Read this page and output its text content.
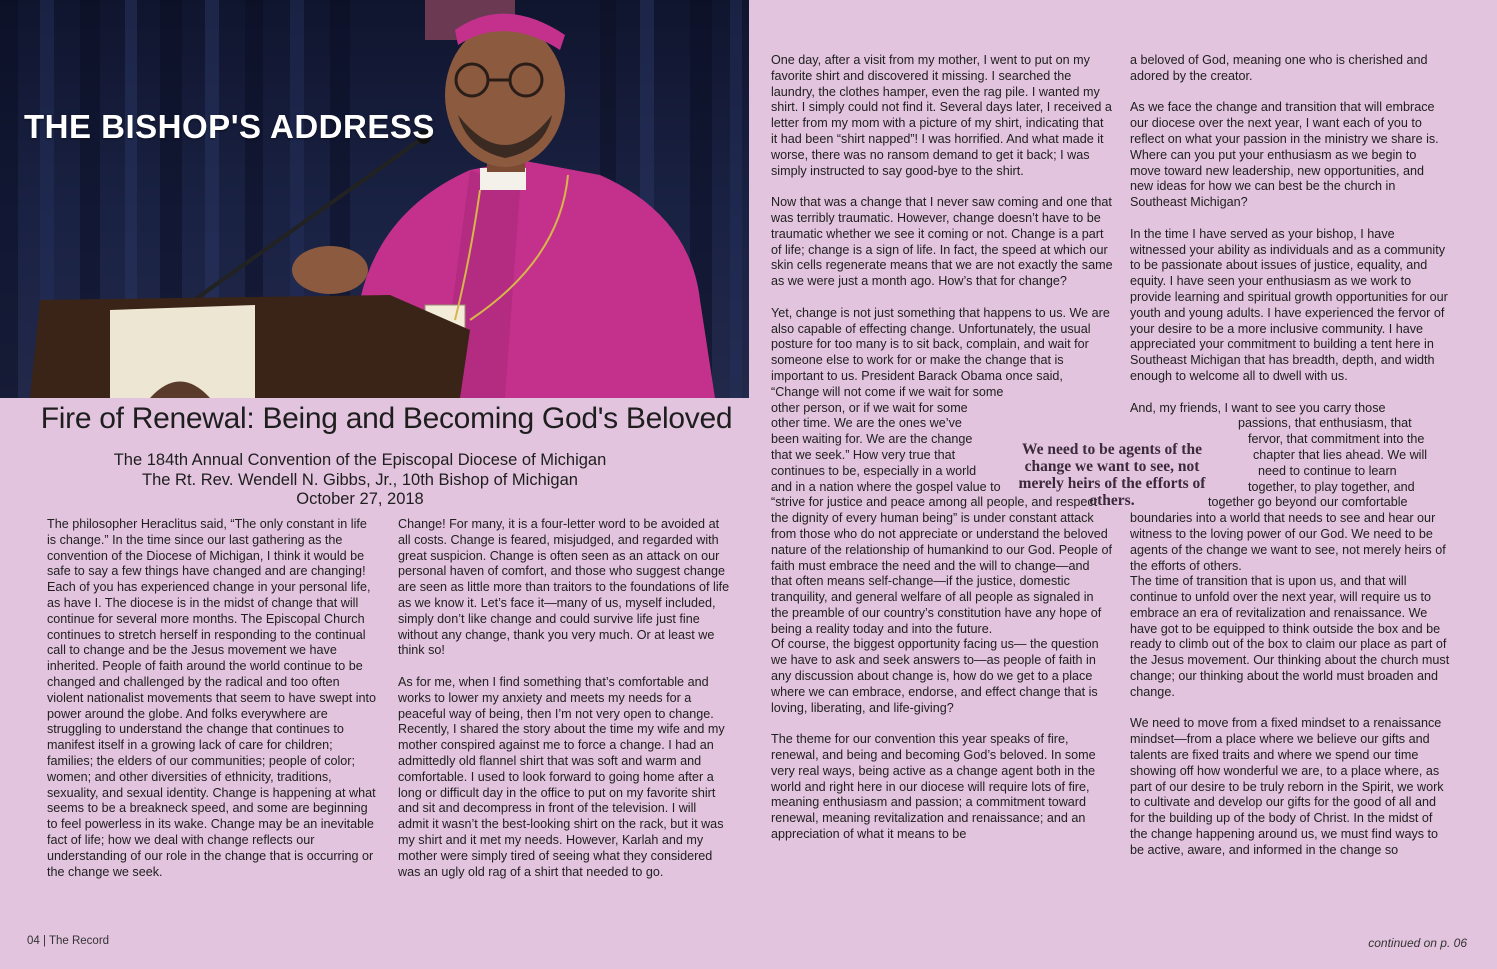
THE BISHOP'S ADDRESS
Fire of Renewal: Being and Becoming God's Beloved
The 184th Annual Convention of the Episcopal Diocese of Michigan
The Rt. Rev. Wendell N. Gibbs, Jr., 10th Bishop of Michigan
October 27, 2018

The philosopher Heraclitus said, “The only constant in life is change.” In the time since our last gathering as the convention of the Diocese of Michigan, I think it would be safe to say a few things have changed and are changing! Each of you has experienced change in your personal life, as have I. The diocese is in the midst of change that will continue for several more months. The Episcopal Church continues to stretch herself in responding to the continual call to change and be the Jesus movement we have inherited. People of faith around the world continue to be changed and challenged by the radical and too often violent nationalist movements that seem to have swept into power around the globe. And folks everywhere are struggling to understand the change that continues to manifest itself in a growing lack of care for children; families; the elders of our communities; people of color; women; and other diversities of ethnicity, traditions, sexuality, and sexual identity. Change is happening at what seems to be a breakneck speed, and some are beginning to feel powerless in its wake. Change may be an inevitable fact of life; how we deal with change reflects our understanding of our role in the change that is occurring or the change we seek.

Change! For many, it is a four-letter word to be avoided at all costs. Change is feared, misjudged, and regarded with great suspicion. Change is often seen as an attack on our personal haven of comfort, and those who suggest change are seen as little more than traitors to the foundations of life as we know it. Let’s face it—many of us, myself included, simply don’t like change and could survive life just fine without any change, thank you very much. Or at least we think so!

As for me, when I find something that’s comfortable and works to lower my anxiety and meets my needs for a peaceful way of being, then I’m not very open to change. Recently, I shared the story about the time my wife and my mother conspired against me to force a change. I had an admittedly old flannel shirt that was soft and warm and comfortable. I used to look forward to going home after a long or difficult day in the office to put on my favorite shirt and sit and decompress in front of the television. I will admit it wasn’t the best-looking shirt on the rack, but it was my shirt and it met my needs. However, Karlah and my mother were simply tired of seeing what they considered was an ugly old rag of a shirt that needed to go.

One day, after a visit from my mother, I went to put on my favorite shirt and discovered it missing. I searched the laundry, the clothes hamper, even the rag pile. I wanted my shirt. I simply could not find it. Several days later, I received a letter from my mom with a picture of my shirt, indicating that it had been “shirt napped”! I was horrified. And what made it worse, there was no ransom demand to get it back; I was simply instructed to say good-bye to the shirt.

Now that was a change that I never saw coming and one that was terribly traumatic. However, change doesn’t have to be traumatic whether we see it coming or not. Change is a part of life; change is a sign of life. In fact, the speed at which our skin cells regenerate means that we are not exactly the same as we were just a month ago. How’s that for change?

Yet, change is not just something that happens to us. We are also capable of effecting change. Unfortunately, the usual posture for too many is to sit back, complain, and wait for someone else to work for or make the change that is important to us. President Barack Obama once said, “Change will not come if we wait for some
other person, or if we wait for some
other time. We are the ones we’ve
been waiting for. We are the change
that we seek.” How very true that
continues to be, especially in a world
and in a nation where the gospel value to

“strive for justice and peace among all people, and respect the dignity of every human being” is under constant attack from those who do not appreciate or understand the beloved nature of the relationship of humankind to our God. People of faith must embrace the need and the will to change—and that often means self-change—if the justice, domestic tranquility, and general welfare of all people as signaled in the preamble of our country’s constitution have any hope of being a reality today and into the future.

Of course, the biggest opportunity facing us— the question we have to ask and seek answers to—as people of faith in any discussion about change is, how do we get to a place where we can embrace, endorse, and effect change that is loving, liberating, and life-giving?

The theme for our convention this year speaks of fire, renewal, and being and becoming God’s beloved. In some very real ways, being active as a change agent both in the world and right here in our diocese will require lots of fire, meaning enthusiasm and passion; a commitment toward renewal, meaning revitalization and renaissance; and an appreciation of what it means to be

We need to be agents of the change we want to see, not merely heirs of the efforts of others.

a beloved of God, meaning one who is cherished and adored by the creator.

As we face the change and transition that will embrace our diocese over the next year, I want each of you to reflect on what your passion in the ministry we share is. Where can you put your enthusiasm as we begin to move toward new leadership, new opportunities, and new ideas for how we can best be the church in Southeast Michigan?

In the time I have served as your bishop, I have witnessed your ability as individuals and as a community to be passionate about issues of justice, equality, and equity. I have seen your enthusiasm as we work to provide learning and spiritual growth opportunities for our youth and young adults. I have experienced the fervor of your desire to be a more inclusive community. I have appreciated your commitment to building a tent here in Southeast Michigan that has breadth, depth, and width enough to welcome all to dwell with us.

And, my friends, I want to see you carry those
passions, that enthusiasm, that
fervor, that commitment into the
chapter that lies ahead. We will
need to continue to learn
together, to play together, and
together go beyond our comfortable

boundaries into a world that needs to see and hear our witness to the loving power of our God. We need to be agents of the change we want to see, not merely heirs of the efforts of others.

The time of transition that is upon us, and that will continue to unfold over the next year, will require us to embrace an era of revitalization and renaissance. We have got to be equipped to think outside the box and be ready to climb out of the box to claim our place as part of the Jesus movement. Our thinking about the church must change; our thinking about the world must broaden and change.

We need to move from a fixed mindset to a renaissance mindset—from a place where we believe our gifts and talents are fixed traits and where we spend our time showing off how wonderful we are, to a place where, as part of our desire to be truly reborn in the Spirit, we work to cultivate and develop our gifts for the good of all and for the building up of the body of Christ. In the midst of the change happening around us, we must find ways to be active, aware, and informed in the change so

04 | The Record	continued on p. 06
